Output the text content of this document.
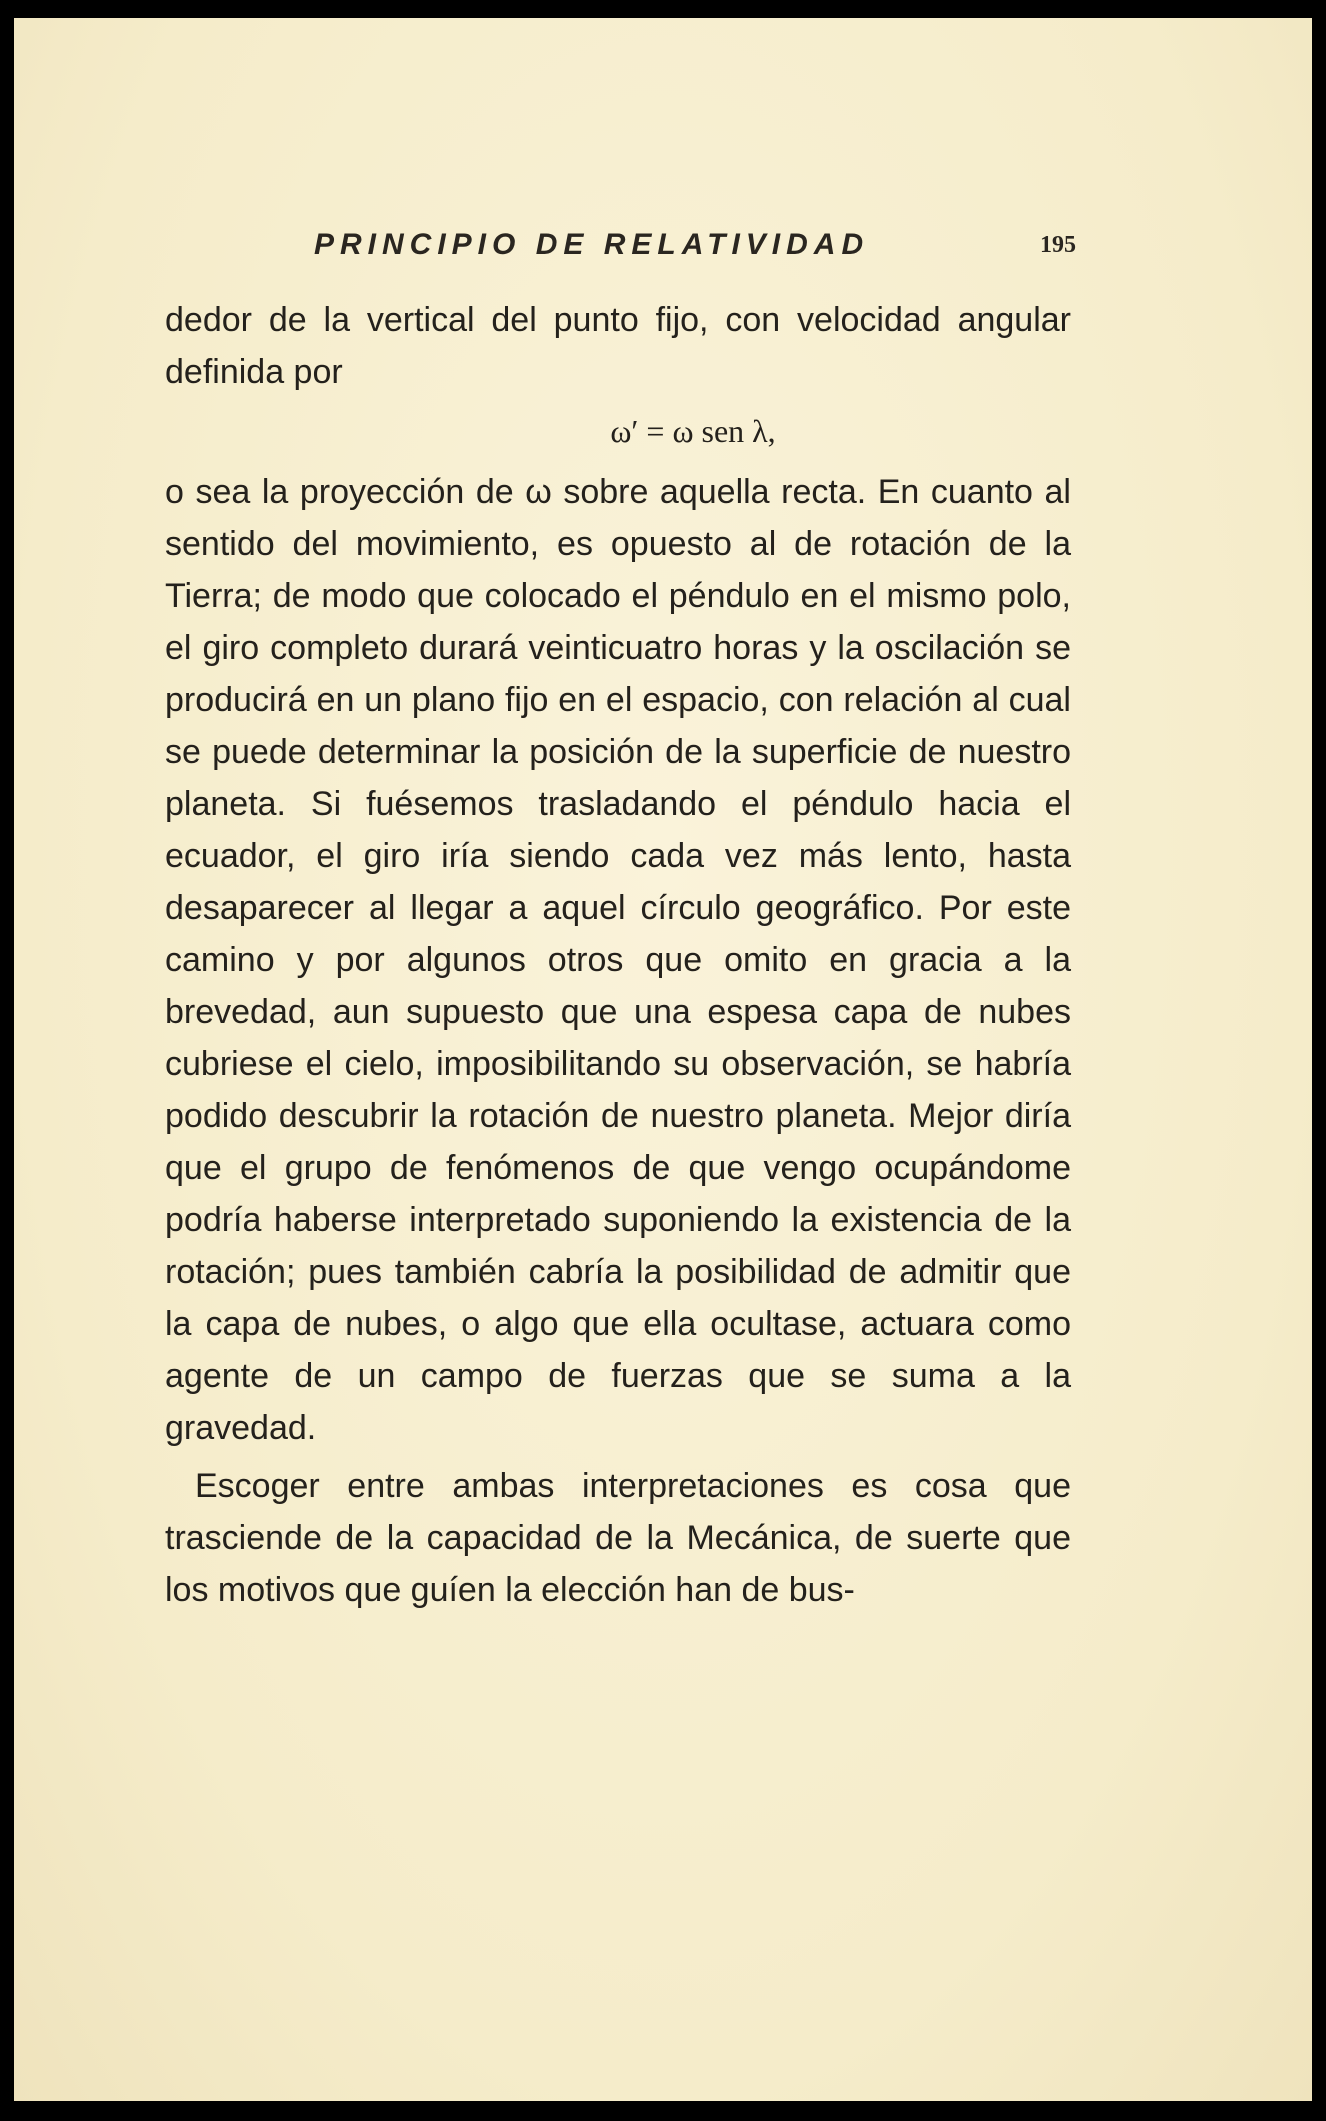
PRINCIPIO DE RELATIVIDAD	195

dedor de la vertical del punto fijo, con velocidad angular definida por

ω′ = ω sen λ,

o sea la proyección de ω sobre aquella recta. En cuanto al sentido del movimiento, es opuesto al de rotación de la Tierra; de modo que colocado el péndulo en el mismo polo, el giro completo durará veinticuatro horas y la oscilación se producirá en un plano fijo en el espacio, con relación al cual se puede determinar la posición de la superficie de nuestro planeta. Si fuésemos trasladando el péndulo hacia el ecuador, el giro iría siendo cada vez más lento, hasta desaparecer al llegar a aquel círculo geográfico. Por este camino y por algunos otros que omito en gracia a la brevedad, aun supuesto que una espesa capa de nubes cubriese el cielo, imposibilitando su observación, se habría podido descubrir la rotación de nuestro planeta. Mejor diría que el grupo de fenómenos de que vengo ocupándome podría haberse interpretado suponiendo la existencia de la rotación; pues también cabría la posibilidad de admitir que la capa de nubes, o algo que ella ocultase, actuara como agente de un campo de fuerzas que se suma a la gravedad.

Escoger entre ambas interpretaciones es cosa que trasciende de la capacidad de la Mecánica, de suerte que los motivos que guíen la elección han de bus-
